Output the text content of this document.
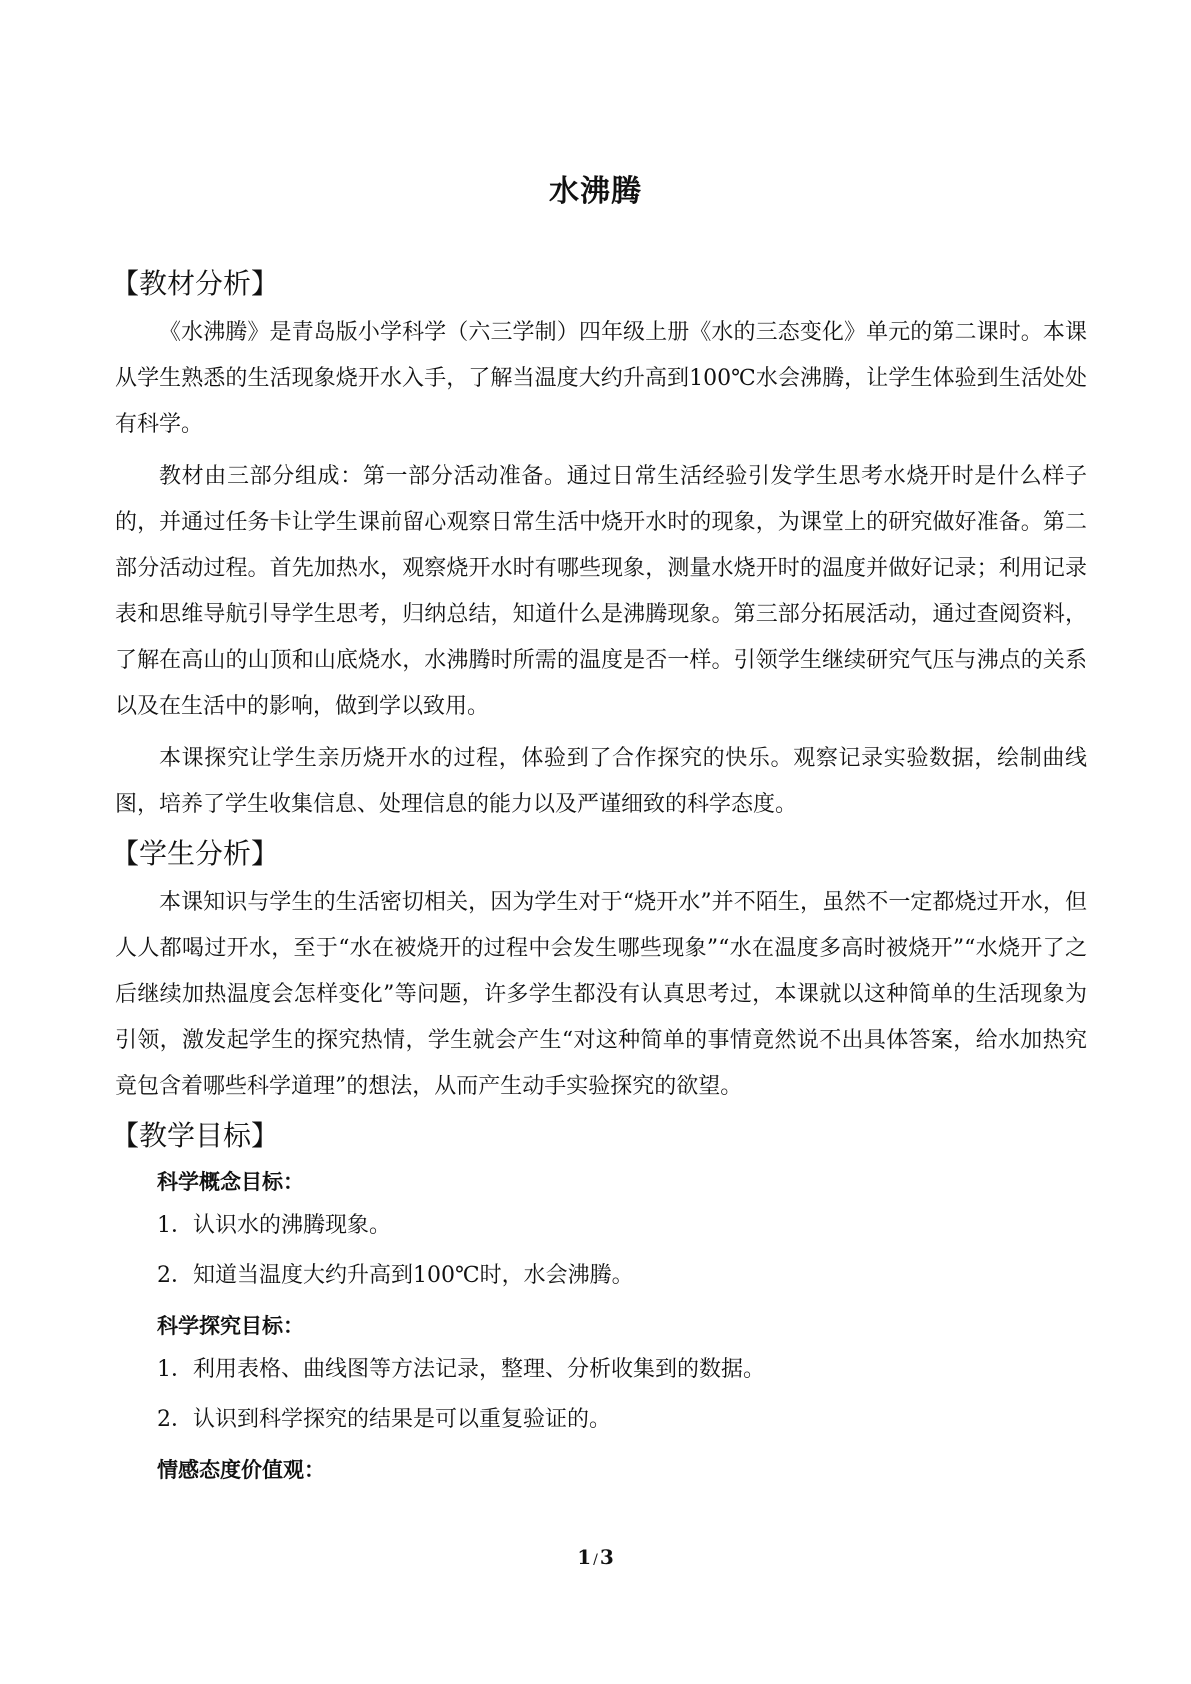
水沸腾
【教材分析】

《水沸腾》是青岛版小学科学（六三学制）四年级上册《水的三态变化》单元的第二课时。本课从学生熟悉的生活现象烧开水入手，了解当温度大约升高到100℃水会沸腾，让学生体验到生活处处有科学。

教材由三部分组成：第一部分活动准备。通过日常生活经验引发学生思考水烧开时是什么样子的，并通过任务卡让学生课前留心观察日常生活中烧开水时的现象，为课堂上的研究做好准备。第二部分活动过程。首先加热水，观察烧开水时有哪些现象，测量水烧开时的温度并做好记录；利用记录表和思维导航引导学生思考，归纳总结，知道什么是沸腾现象。第三部分拓展活动，通过查阅资料，了解在高山的山顶和山底烧水，水沸腾时所需的温度是否一样。引领学生继续研究气压与沸点的关系以及在生活中的影响，做到学以致用。

本课探究让学生亲历烧开水的过程，体验到了合作探究的快乐。观察记录实验数据，绘制曲线图，培养了学生收集信息、处理信息的能力以及严谨细致的科学态度。

【学生分析】

本课知识与学生的生活密切相关，因为学生对于“烧开水”并不陌生，虽然不一定都烧过开水，但人人都喝过开水，至于“水在被烧开的过程中会发生哪些现象”“水在温度多高时被烧开”“水烧开了之后继续加热温度会怎样变化”等问题，许多学生都没有认真思考过，本课就以这种简单的生活现象为引领，激发起学生的探究热情，学生就会产生“对这种简单的事情竟然说不出具体答案，给水加热究竟包含着哪些科学道理”的想法，从而产生动手实验探究的欲望。

【教学目标】
科学概念目标：
1．认识水的沸腾现象。
2．知道当温度大约升高到100℃时，水会沸腾。
科学探究目标：
1．利用表格、曲线图等方法记录，整理、分析收集到的数据。
2．认识到科学探究的结果是可以重复验证的。
情感态度价值观：
1 / 3
